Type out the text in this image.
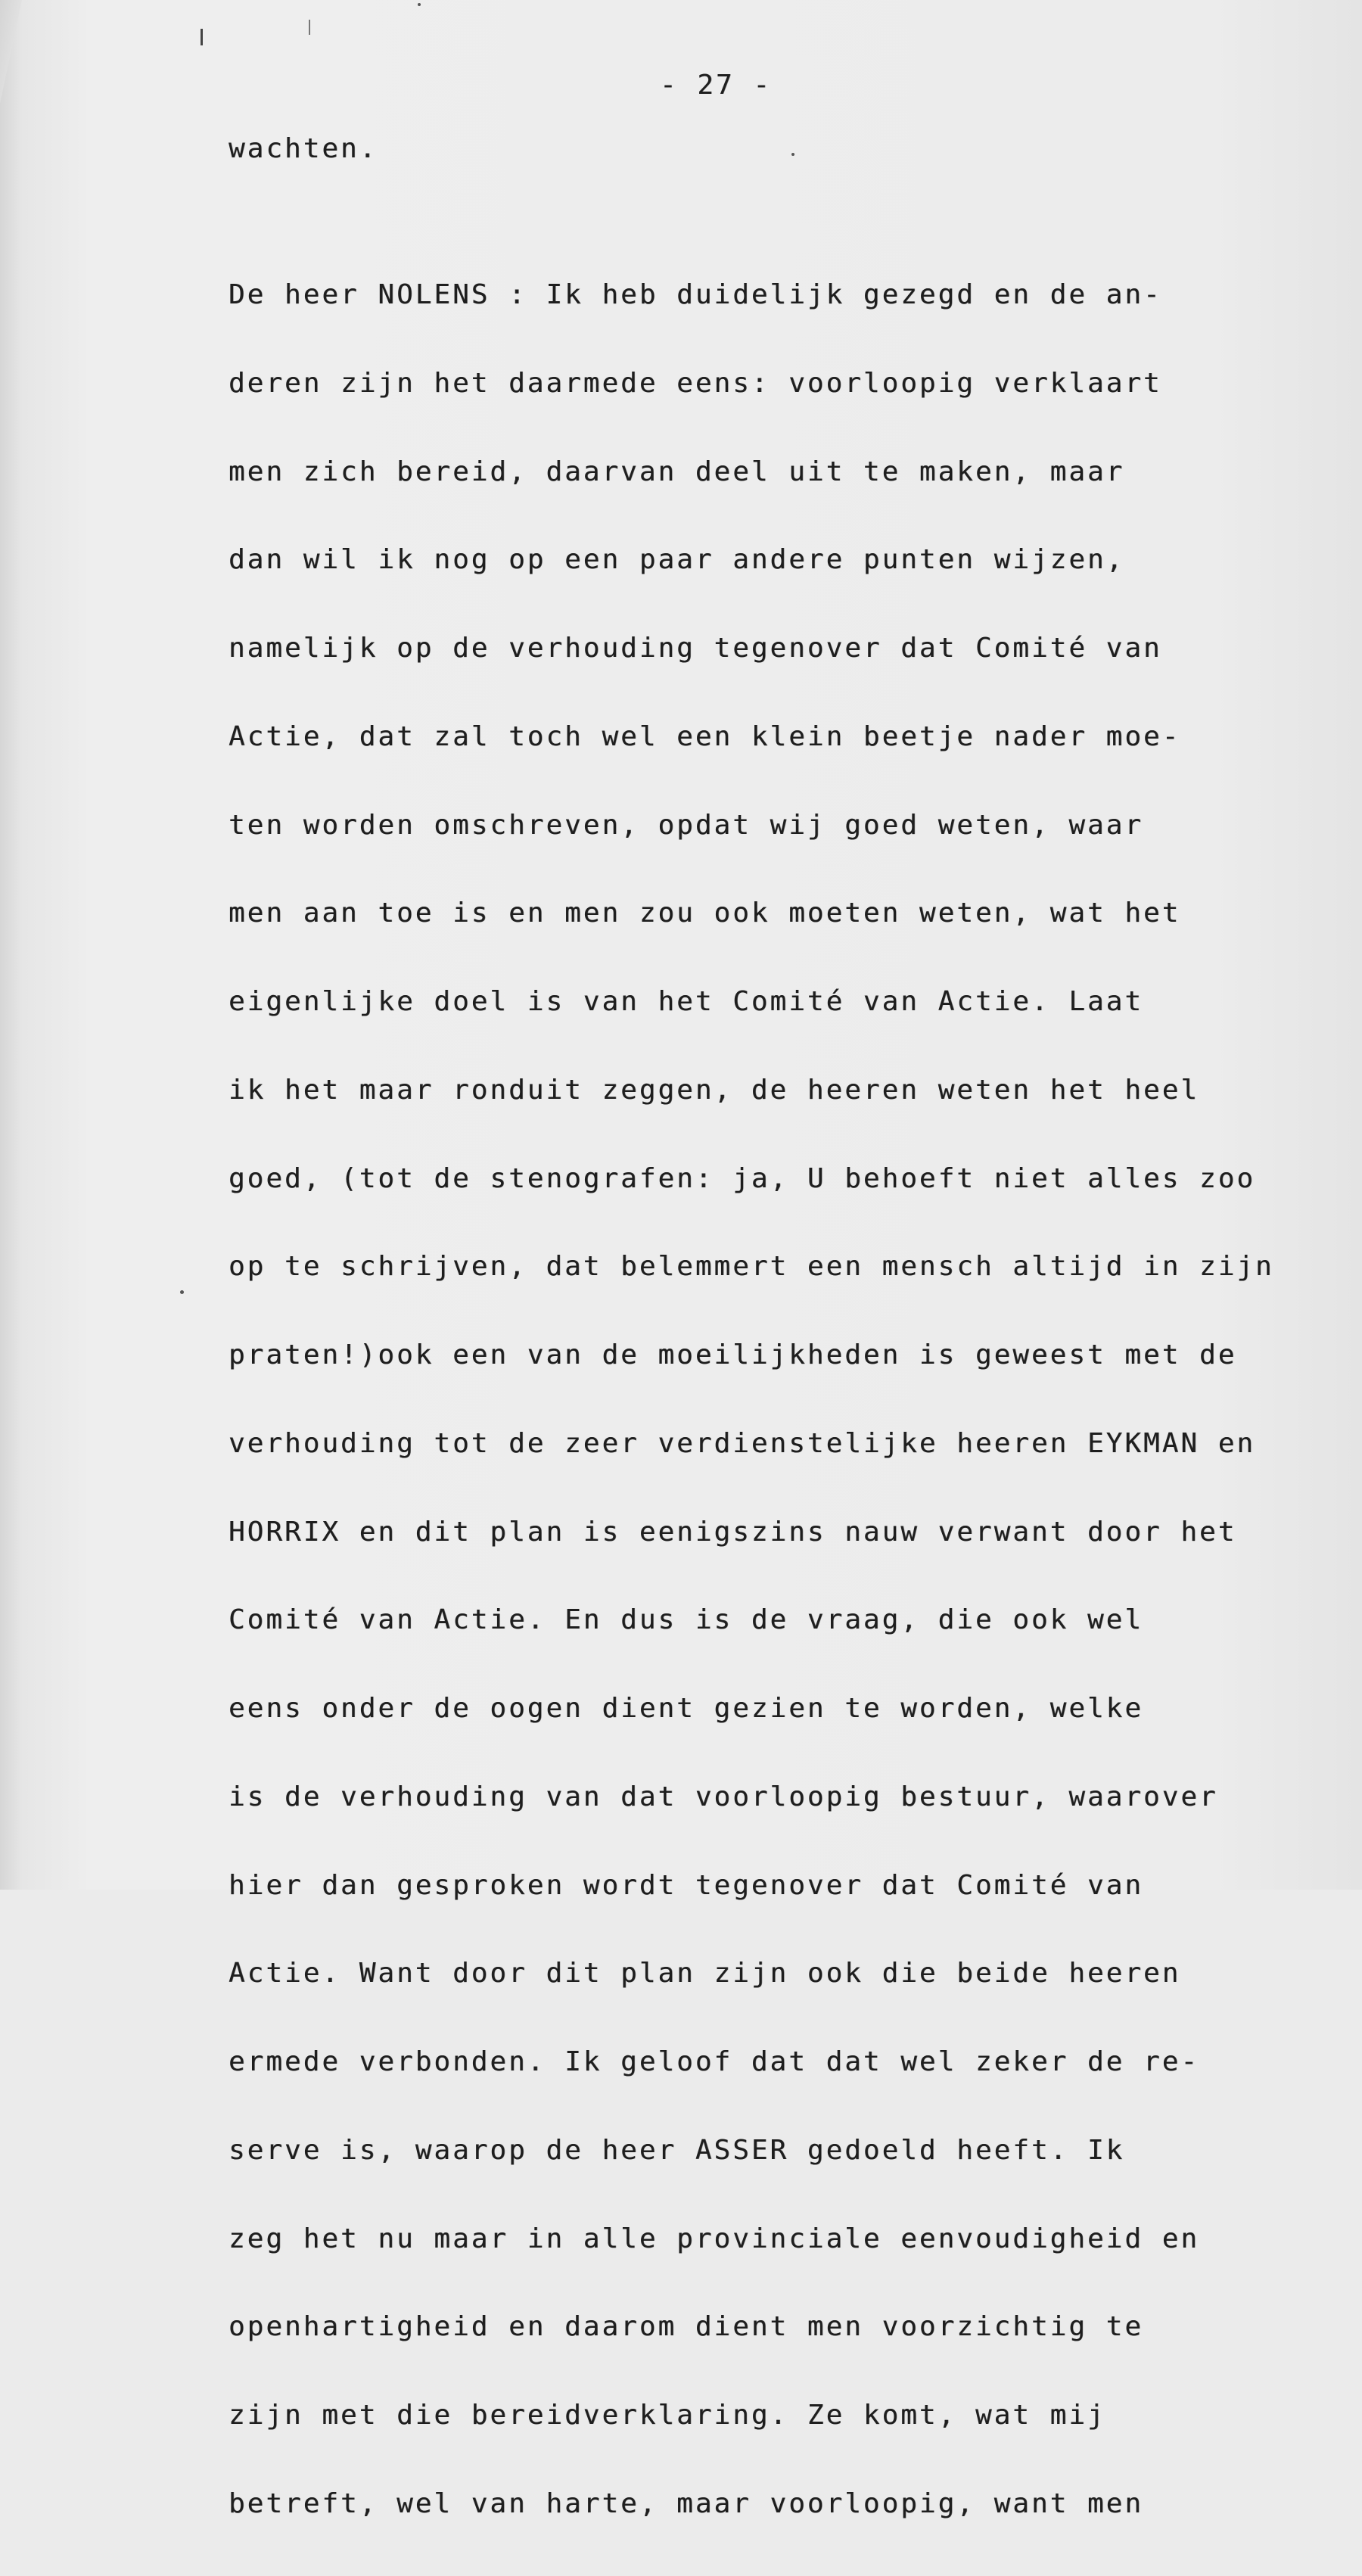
- 27 -
wachten.

De heer NOLENS : Ik heb duidelijk gezegd en de an-

deren zijn het daarmede eens: voorloopig verklaart

men zich bereid, daarvan deel uit te maken, maar

dan wil ik nog op een paar andere punten wijzen,

namelijk op de verhouding tegenover dat Comité van

Actie, dat zal toch wel een klein beetje nader moe-

ten worden omschreven, opdat wij goed weten, waar

men aan toe is en men zou ook moeten weten, wat het

eigenlijke doel is van het Comité van Actie. Laat

ik het maar ronduit zeggen, de heeren weten het heel

goed, (tot de stenografen: ja, U behoeft niet alles zoo

op te schrijven, dat belemmert een mensch altijd in zijn

praten!)ook een van de moeilijkheden is geweest met de

verhouding tot de zeer verdienstelijke heeren EYKMAN en

HORRIX en dit plan is eenigszins nauw verwant door het

Comité van Actie. En dus is de vraag, die ook wel

eens onder de oogen dient gezien te worden, welke

is de verhouding van dat voorloopig bestuur, waarover

hier dan gesproken wordt tegenover dat Comité van

Actie. Want door dit plan zijn ook die beide heeren

ermede verbonden. Ik geloof dat dat wel zeker de re-

serve is, waarop de heer ASSER gedoeld heeft. Ik

zeg het nu maar in alle provinciale eenvoudigheid en

openhartigheid en daarom dient men voorzichtig te

zijn met die bereidverklaring. Ze komt, wat mij

betreft, wel van harte, maar voorloopig, want men
